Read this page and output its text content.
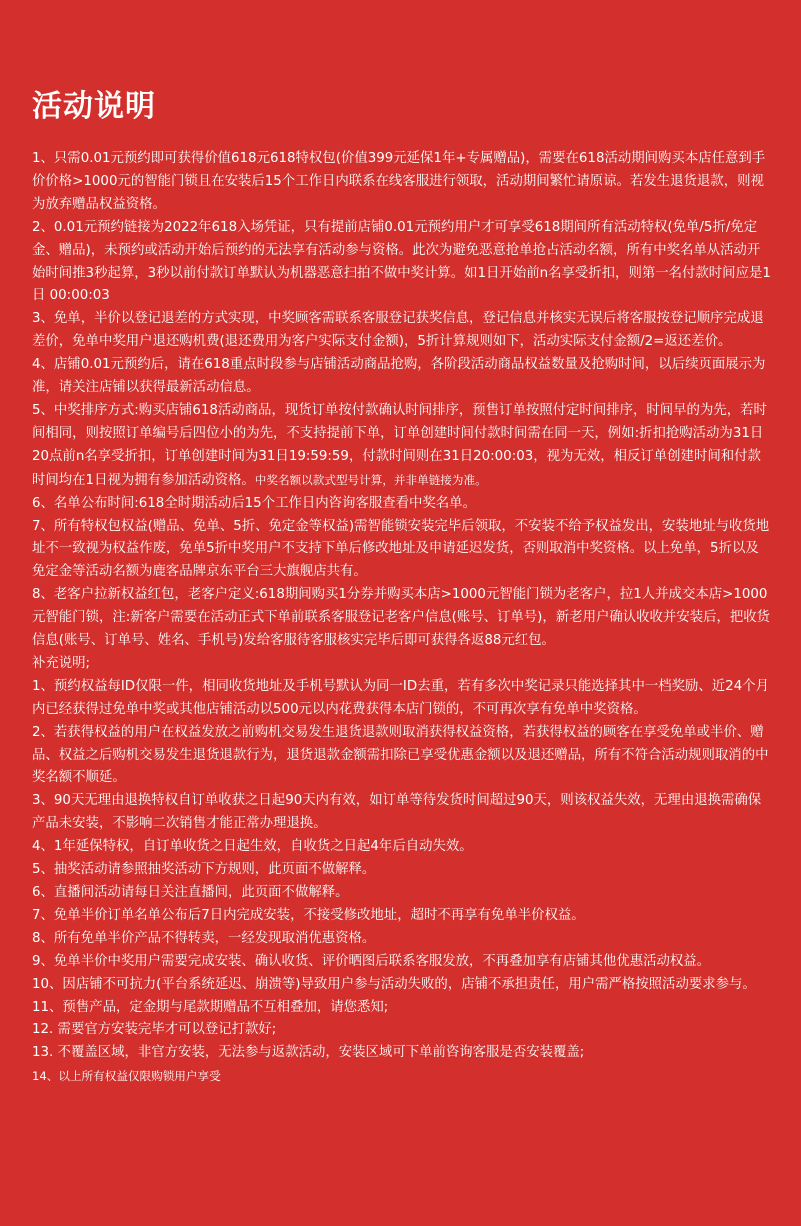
活动说明

1、只需0.01元预约即可获得价值618元618特权包(价值399元延保1年+专属赠品)，需要在618活动期间购买本店任意到手价价格>1000元的智能门锁且在安装后15个工作日内联系在线客服进行领取，活动期间繁忙请原谅。若发生退货退款，则视为放弃赠品权益资格。

2、0.01元预约链接为2022年618入场凭证，只有提前店铺0.01元预约用户才可享受618期间所有活动特权(免单/5折/免定金、赠品)，未预约或活动开始后预约的无法享有活动参与资格。此次为避免恶意抢单抢占活动名额，所有中奖名单从活动开始时间推3秒起算，3秒以前付款订单默认为机器恶意扫拍不做中奖计算。如1日开始前n名享受折扣，则第一名付款时间应是1日 00:00:03

3、免单，半价以登记退差的方式实现，中奖顾客需联系客服登记获奖信息，登记信息并核实无误后将客服按登记顺序完成退差价，免单中奖用户退还购机费(退还费用为客户实际支付金额)，5折计算规则如下，活动实际支付金额/2=返还差价。

4、店铺0.01元预约后，请在618重点时段参与店铺活动商品抢购，各阶段活动商品权益数量及抢购时间，以后续页面展示为准，请关注店铺以获得最新活动信息。

5、中奖排序方式:购买店铺618活动商品，现货订单按付款确认时间排序，预售订单按照付定时间排序，时间早的为先，若时间相同，则按照订单编号后四位小的为先，不支持提前下单，订单创建时间付款时间需在同一天，例如:折扣抢购活动为31日20点前n名享受折扣，订单创建时间为31日19:59:59，付款时间则在31日20:00:03，视为无效，相反订单创建时间和付款时间均在1日视为拥有参加活动资格。中奖名额以款式型号计算，并非单链接为准。

6、名单公布时间:618全时期活动后15个工作日内咨询客服查看中奖名单。

7、所有特权包权益(赠品、免单、5折、免定金等权益)需智能锁安装完毕后领取，不安装不给予权益发出，安装地址与收货地址不一致视为权益作废，免单5折中奖用户不支持下单后修改地址及申请延迟发货，否则取消中奖资格。以上免单，5折以及免定金等活动名额为鹿客品牌京东平台三大旗舰店共有。

8、老客户拉新权益红包，老客户定义:618期间购买1分券并购买本店>1000元智能门锁为老客户，拉1人并成交本店>1000元智能门锁，注:新客户需要在活动正式下单前联系客服登记老客户信息(账号、订单号)，新老用户确认收收并安装后，把收货信息(账号、订单号、姓名、手机号)发给客服待客服核实完毕后即可获得各返88元红包。

补充说明;

1、预约权益每ID仅限一件，相同收货地址及手机号默认为同一ID去重，若有多次中奖记录只能选择其中一档奖励、近24个月内已经获得过免单中奖或其他店铺活动以500元以内花费获得本店门锁的，不可再次享有免单中奖资格。

2、若获得权益的用户在权益发放之前购机交易发生退货退款则取消获得权益资格，若获得权益的顾客在享受免单或半价、赠品、权益之后购机交易发生退货退款行为，退货退款金额需扣除已享受优惠金额以及退还赠品，所有不符合活动规则取消的中奖名额不顺延。

3、90天无理由退换特权自订单收获之日起90天内有效，如订单等待发货时间超过90天，则该权益失效，无理由退换需确保产品未安装，不影响二次销售才能正常办理退换。

4、1年延保特权，自订单收货之日起生效，自收货之日起4年后自动失效。

5、抽奖活动请参照抽奖活动下方规则，此页面不做解释。

6、直播间活动请每日关注直播间，此页面不做解释。

7、免单半价订单名单公布后7日内完成安装，不接受修改地址，超时不再享有免单半价权益。

8、所有免单半价产品不得转卖，一经发现取消优惠资格。

9、免单半价中奖用户需要完成安装、确认收货、评价晒图后联系客服发放，不再叠加享有店铺其他优惠活动权益。

10、因店铺不可抗力(平台系统延迟、崩溃等)导致用户参与活动失败的，店铺不承担责任，用户需严格按照活动要求参与。

11、预售产品，定金期与尾款期赠品不互相叠加，请您悉知;

12. 需要官方安装完毕才可以登记打款好;

13. 不覆盖区域，非官方安装，无法参与返款活动，安装区域可下单前咨询客服是否安装覆盖;

14、以上所有权益仅限购锁用户享受
